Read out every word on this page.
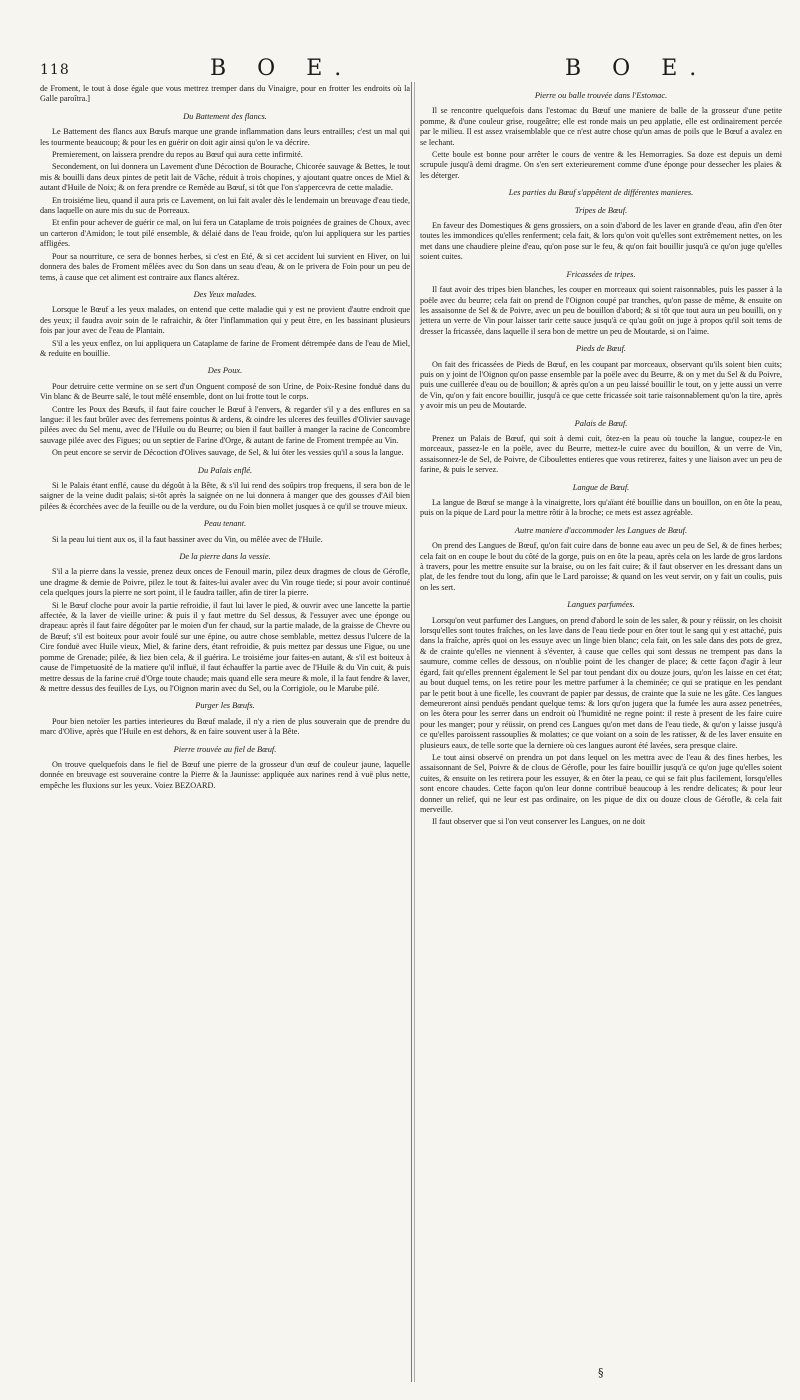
118	B O E.	B O E.

de Froment, le tout à dose égale que vous mettrez tremper dans du Vinaigre, pour en frotter les endroits où la Galle paroîtra.]

Du Battement des flancs.

Le Battement des flancs aux Bœufs marque une grande inflammation dans leurs entrailles; c'est un mal qui les tourmente beaucoup; & pour les en guérir on doit agir ainsi qu'on le va décrire.

Premierement, on laissera prendre du repos au Bœuf qui aura cette infirmité.

Secondement, on lui donnera un Lavement d'une Décoction de Bourache, Chicorée sauvage & Bettes, le tout mis & bouilli dans deux pintes de petit lait de Vâche, réduit à trois chopines, y ajoutant quatre onces de Miel & autant d'Huile de Noix; & on fera prendre ce Remède au Bœuf, si tôt que l'on s'appercevra de cette maladie.

En troisiéme lieu, quand il aura pris ce Lavement, on lui fait avaler dès le lendemain un breuvage d'eau tiede, dans laquelle on aure mis du suc de Porreaux.

Et enfin pour achever de guérir ce mal, on lui fera un Cataplame de trois poignées de graines de Choux, avec un carteron d'Amidon; le tout pilé ensemble, & délaié dans de l'eau froide, qu'on lui appliquera sur les parties affligées.

Pour sa nourriture, ce sera de bonnes herbes, si c'est en Eté, & si cet accident lui survient en Hiver, on lui donnera des bales de Froment mêlées avec du Son dans un seau d'eau, & on le privera de Foin pour un peu de tems, à cause que cet aliment est contraire aux flancs altérez.

Des Yeux malades.

Lorsque le Bœuf a les yeux malades, on entend que cette maladie qui y est ne provient d'autre endroit que des yeux; il faudra avoir soin de le rafraichir, & ôter l'inflammation qui y peut être, en les bassinant plusieurs fois par jour avec de l'eau de Plantain.

S'il a les yeux enflez, on lui appliquera un Cataplame de farine de Froment détrempée dans de l'eau de Miel, & reduite en bouillie.

Des Poux.

Pour detruire cette vermine on se sert d'un Onguent composé de son Urine, de Poix-Resine fonduë dans du Vin blanc & de Beurre salé, le tout mêlé ensemble, dont on lui frotte tout le corps.

Contre les Poux des Bœufs, il faut faire coucher le Bœuf à l'envers, & regarder s'il y a des enflures en sa langue: il les faut brûler avec des ferremens pointus & ardens, & oindre les ulceres des feuilles d'Olivier sauvage pilées avec du Sel menu, avec de l'Huile ou du Beurre; ou bien il faut bailler à manger la racine de Concombre sauvage pilée avec des Figues; ou un septier de Farine d'Orge, & autant de farine de Froment trempée au Vin.

On peut encore se servir de Décoction d'Olives sauvage, de Sel, & lui ôter les vessies qu'il a sous la langue.

Du Palais enflé.

Si le Palais étant enflé, cause du dégoût à la Bête, & s'il lui rend des soûpirs trop frequens, il sera bon de le saigner de la veine dudit palais; si-tôt après la saignée on ne lui donnera à manger que des gousses d'Ail bien pilées & écorchées avec de la feuille ou de la verdure, ou du Foin bien mollet jusques à ce qu'il se trouve mieux.

Peau tenant.

Si la peau lui tient aux os, il la faut bassiner avec du Vin, ou mêlée avec de l'Huile.

De la pierre dans la vessie.

S'il a la pierre dans la vessie, prenez deux onces de Fenouil marin, pilez deux dragmes de clous de Gérofle, une dragme & demie de Poivre, pilez le tout & faites-lui avaler avec du Vin rouge tiede; si pour avoir continué cela quelques jours la pierre ne sort point, il le faudra tailler, afin de tirer la pierre.

Si le Bœuf cloche pour avoir la partie refroidie, il faut lui laver le pied, & ouvrir avec une lancette la partie affectée, & la laver de vieille urine: & puis il y faut mettre du Sel dessus, & l'essuyer avec une éponge ou drapeau: après il faut faire dégoûter par le moien d'un fer chaud, sur la partie malade, de la graisse de Chevre ou de Bœuf; s'il est boiteux pour avoir foulé sur une épine, ou autre chose semblable, mettez dessus l'ulcere de la Cire fonduë avec Huile vieux, Miel, & farine ders, étant refroidie, & puis mettez par dessus une Figue, ou une pomme de Grenade; pilée, & liez bien cela, & il guérira. Le troisiéme jour faites-en autant, & s'il est boiteux à cause de l'impetuosité de la matiere qu'il influë, il faut échauffer la partie avec de l'Huile & du Vin cuit, & puis mettre dessus de la farine cruë d'Orge toute chaude; mais quand elle sera meure & mole, il la faut fendre & laver, & mettre dessus des feuilles de Lys, ou l'Oignon marin avec du Sel, ou la Corrigiole, ou le Marube pilé.

Purger les Bœufs.

Pour bien netoïer les parties interieures du Bœuf malade, il n'y a rien de plus souverain que de prendre du marc d'Olive, après que l'Huile en est dehors, & en faire souvent user à la Bête.

Pierre trouvée au fiel de Bœuf.

On trouve quelquefois dans le fiel de Bœuf une pierre de la grosseur d'un œuf de couleur jaune, laquelle donnée en breuvage est souveraine contre la Pierre & la Jaunisse: appliquée aux narines rend à vuë plus nette, empêche les fluxions sur les yeux. Voiez BEZOARD.

Pierre ou balle trouvée dans l'Estomac.

Il se rencontre quelquefois dans l'estomac du Bœuf une maniere de balle de la grosseur d'une petite pomme, & d'une couleur grise, rougeâtre; elle est ronde mais un peu applatie, elle est ordinairement percée par le milieu. Il est assez vraisemblable que ce n'est autre chose qu'un amas de poils que le Bœuf a avalez en se lechant.

Cette boule est bonne pour arrêter le cours de ventre & les Hemorragies. Sa doze est depuis un demi scrupule jusqu'à demi dragme. On s'en sert exterieurement comme d'une éponge pour dessecher les plaies & les déterger.

Les parties du Bœuf s'appêtent de différentes manieres.
Tripes de Bœuf.

En faveur des Domestiques & gens grossiers, on a soin d'abord de les laver en grande d'eau, afin d'en ôter toutes les immondices qu'elles renferment; cela fait, & lors qu'on voit qu'elles sont extrêmement nettes, on les met dans une chaudiere pleine d'eau, qu'on pose sur le feu, & qu'on fait bouillir jusqu'à ce qu'on juge qu'elles soient cuites.

Fricassées de tripes.

Il faut avoir des tripes bien blanches, les couper en morceaux qui soient raisonnables, puis les passer à la poële avec du beurre; cela fait on prend de l'Oignon coupé par tranches, qu'on passe de même, & ensuite on les assaisonne de Sel & de Poivre, avec un peu de bouillon d'abord; & si tôt que tout aura un peu bouilli, on y jettera un verre de Vin pour laisser tarir cette sauce jusqu'à ce qu'au goût on juge à propos qu'il soit tems de dresser la fricassée, dans laquelle il sera bon de mettre un peu de Moutarde, si on l'aime.

Pieds de Bœuf.

On fait des fricassées de Pieds de Bœuf, en les coupant par morceaux, observant qu'ils soient bien cuits; puis on y joint de l'Oignon qu'on passe ensemble par la poële avec du Beurre, & on y met du Sel & du Poivre, puis une cuillerée d'eau ou de bouillon; & après qu'on a un peu laissé bouillir le tout, on y jette aussi un verre de Vin, qu'on y fait encore bouillir, jusqu'à ce que cette fricassée soit tarie raisonnablement qu'on la tire, après y avoir mis un peu de Moutarde.

Palais de Bœuf.

Prenez un Palais de Bœuf, qui soit à demi cuit, ôtez-en la peau où touche la langue, coupez-le en morceaux, passez-le en la poële, avec du Beurre, mettez-le cuire avec du bouillon, & un verre de Vin, assaisonnez-le de Sel, de Poivre, de Ciboulettes entieres que vous retirerez, faites y une liaison avec un peu de farine, & puis le servez.

Langue de Bœuf.

La langue de Bœuf se mange à la vinaigrette, lors qu'aïant été bouillie dans un bouillon, on en ôte la peau, puis on la pique de Lard pour la mettre rôtir à la broche; ce mets est assez agréable.

Autre maniere d'accommoder les Langues de Bœuf.

On prend des Langues de Bœuf, qu'on fait cuire dans de bonne eau avec un peu de Sel, & de fines herbes; cela fait on en coupe le bout du côté de la gorge, puis on en ôte la peau, après cela on les larde de gros lardons à travers, pour les mettre ensuite sur la braise, ou on les fait cuire; & il faut observer en les dressant dans un plat, de les fendre tout du long, afin que le Lard paroisse; & quand on les veut servir, on y fait un coulis, puis on les sert.

Langues parfumées.

Lorsqu'on veut parfumer des Langues, on prend d'abord le soin de les saler, & pour y réüssir, on les choisit lorsqu'elles sont toutes fraîches, on les lave dans de l'eau tiede pour en ôter tout le sang qui y est attaché, puis dans la fraîche, après quoi on les essuye avec un linge bien blanc; cela fait, on les sale dans des pots de grez, & de crainte qu'elles ne viennent à s'éventer, à cause que celles qui sont dessus ne trempent pas dans la saumure, comme celles de dessous, on n'oublie point de les changer de place; & cette façon d'agir à leur égard, fait qu'elles prennent également le Sel par tout pendant dix ou douze jours, qu'on les laisse en cet état; au bout duquel tems, on les retire pour les mettre parfumer à la cheminée; ce qui se pratique en les pendant par le petit bout à une ficelle, les couvrant de papier par dessus, de crainte que la suie ne les gâte. Ces langues demeureront ainsi penduës pendant quelque tems: & lors qu'on jugera que la fumée les aura assez penetrées, on les ôtera pour les serrer dans un endroit où l'humidité ne regne point: il reste à present de les faire cuire pour les manger; pour y réüssir, on prend ces Langues qu'on met dans de l'eau tiede, & qu'on y laisse jusqu'à ce qu'elles paroissent rassouplies & molattes; ce que voiant on a soin de les ratisser, & de les laver ensuite en plusieurs eaux, de telle sorte que la derniere où ces langues auront été lavées, sera presque claire.

Le tout ainsi observé on prendra un pot dans lequel on les mettra avec de l'eau & des fines herbes, les assaisonnant de Sel, Poivre & de clous de Gérofle, pour les faire bouillir jusqu'à ce qu'on juge qu'elles soient cuites, & ensuite on les retirera pour les essuyer, & en ôter la peau, ce qui se fait plus facilement, lorsqu'elles sont encore chaudes. Cette façon qu'on leur donne contribuë beaucoup à les rendre delicates; & pour leur donner un relief, qui ne leur est pas ordinaire, on les pique de dix ou douze clous de Gérofle, & cela fait merveille.

Il faut observer que si l'on veut conserver les Langues, on ne doit

§
